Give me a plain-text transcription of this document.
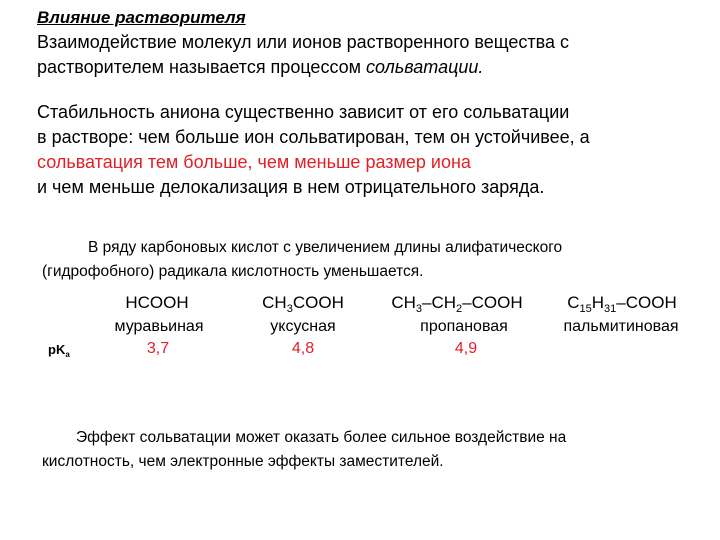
Влияние растворителя
Взаимодействие молекул или ионов растворенного вещества с
растворителем называется процессом сольватации.
Стабильность аниона существенно зависит от его сольватации
в растворе: чем больше ион сольватирован, тем он устойчивее, а
сольватация тем больше, чем меньше размер иона
и чем меньше делокализация в нем отрицательного заряда.
В ряду карбоновых кислот с увеличением длины алифатического
(гидрофобного) радикала кислотность уменьшается.
$pK_a$
HCOOH
муравьиная
3,7
$CH_3COOH$
уксусная
4,8
$CH_3-CH_2$–COOH
пропановая
4,9
$C_{15}H_{31}$–COOH
пальмитиновая
Эффект сольватации может оказать более сильное воздействие на
кислотность, чем электронные эффекты заместителей.
